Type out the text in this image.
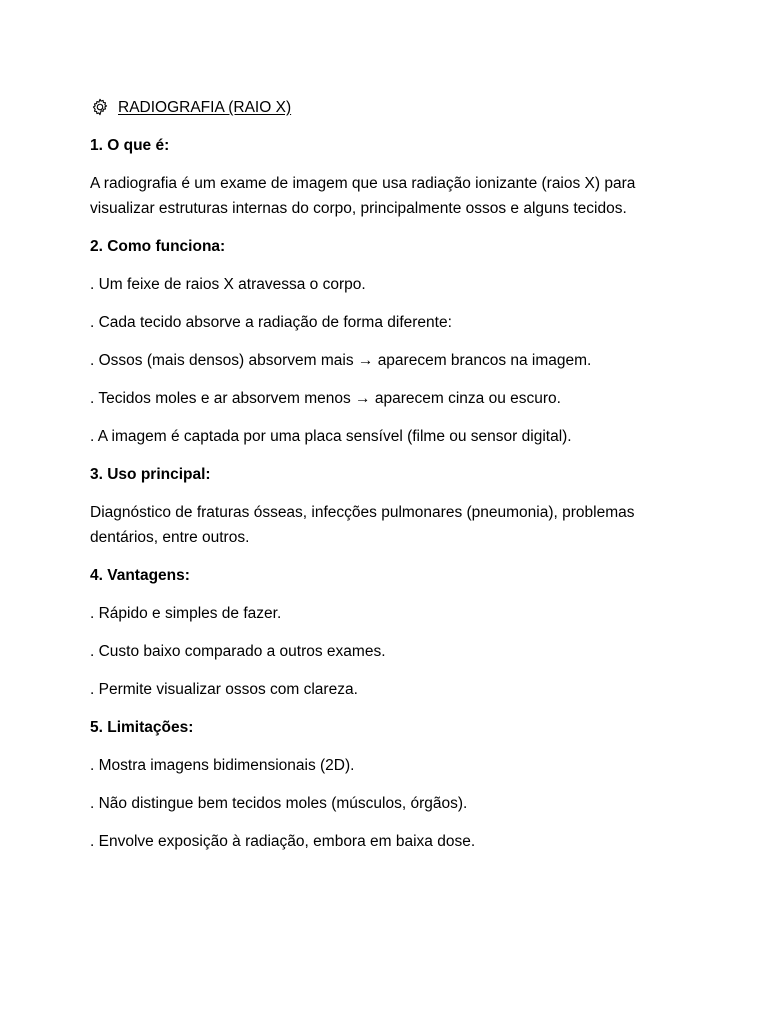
RADIOGRAFIA (RAIO X)
1. O que é:
A radiografia é um exame de imagem que usa radiação ionizante (raios X) para visualizar estruturas internas do corpo, principalmente ossos e alguns tecidos.
2. Como funciona:
. Um feixe de raios X atravessa o corpo.
. Cada tecido absorve a radiação de forma diferente:
. Ossos (mais densos) absorvem mais → aparecem brancos na imagem.
. Tecidos moles e ar absorvem menos → aparecem cinza ou escuro.
. A imagem é captada por uma placa sensível (filme ou sensor digital).
3. Uso principal:
Diagnóstico de fraturas ósseas, infecções pulmonares (pneumonia), problemas dentários, entre outros.
4. Vantagens:
. Rápido e simples de fazer.
. Custo baixo comparado a outros exames.
. Permite visualizar ossos com clareza.
5. Limitações:
. Mostra imagens bidimensionais (2D).
. Não distingue bem tecidos moles (músculos, órgãos).
. Envolve exposição à radiação, embora em baixa dose.
